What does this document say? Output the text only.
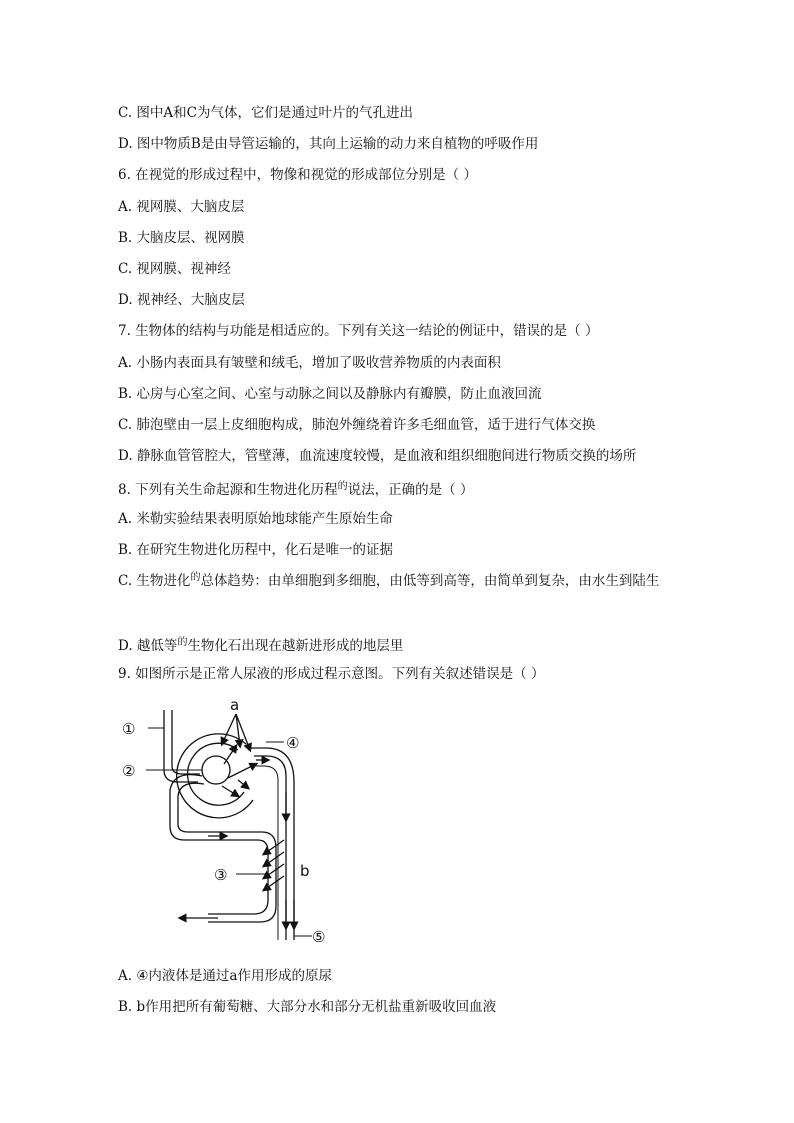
C. 图中A和C为气体，它们是通过叶片的气孔进出
D. 图中物质B是由导管运输的，其向上运输的动力来自植物的呼吸作用
6. 在视觉的形成过程中，物像和视觉的形成部位分别是（ ）
A. 视网膜、大脑皮层
B. 大脑皮层、视网膜
C. 视网膜、视神经
D. 视神经、大脑皮层
7. 生物体的结构与功能是相适应的。下列有关这一结论的例证中，错误的是（ ）
A. 小肠内表面具有皱壁和绒毛，增加了吸收营养物质的内表面积
B. 心房与心室之间、心室与动脉之间以及静脉内有瓣膜，防止血液回流
C. 肺泡壁由一层上皮细胞构成，肺泡外缠绕着许多毛细血管，适于进行气体交换
D. 静脉血管管腔大，管壁薄，血流速度较慢，是血液和组织细胞间进行物质交换的场所
8. 下列有关生命起源和生物进化历程$^的$说法，正确的是（ ）
A. 米勒实验结果表明原始地球能产生原始生命
B. 在研究生物进化历程中，化石是唯一的证据
C. 生物进化$^的$总体趋势：由单细胞到多细胞，由低等到高等，由简单到复杂，由水生到陆生
D. 越低等$^的$生物化石出现在越新进形成的地层里
9. 如图所示是正常人尿液的形成过程示意图。下列有关叙述错误是（ ）
①
②
③
④
⑤
a
b
A. ④内液体是通过a作用形成的原尿
B. b作用把所有葡萄糖、大部分水和部分无机盐重新吸收回血液
